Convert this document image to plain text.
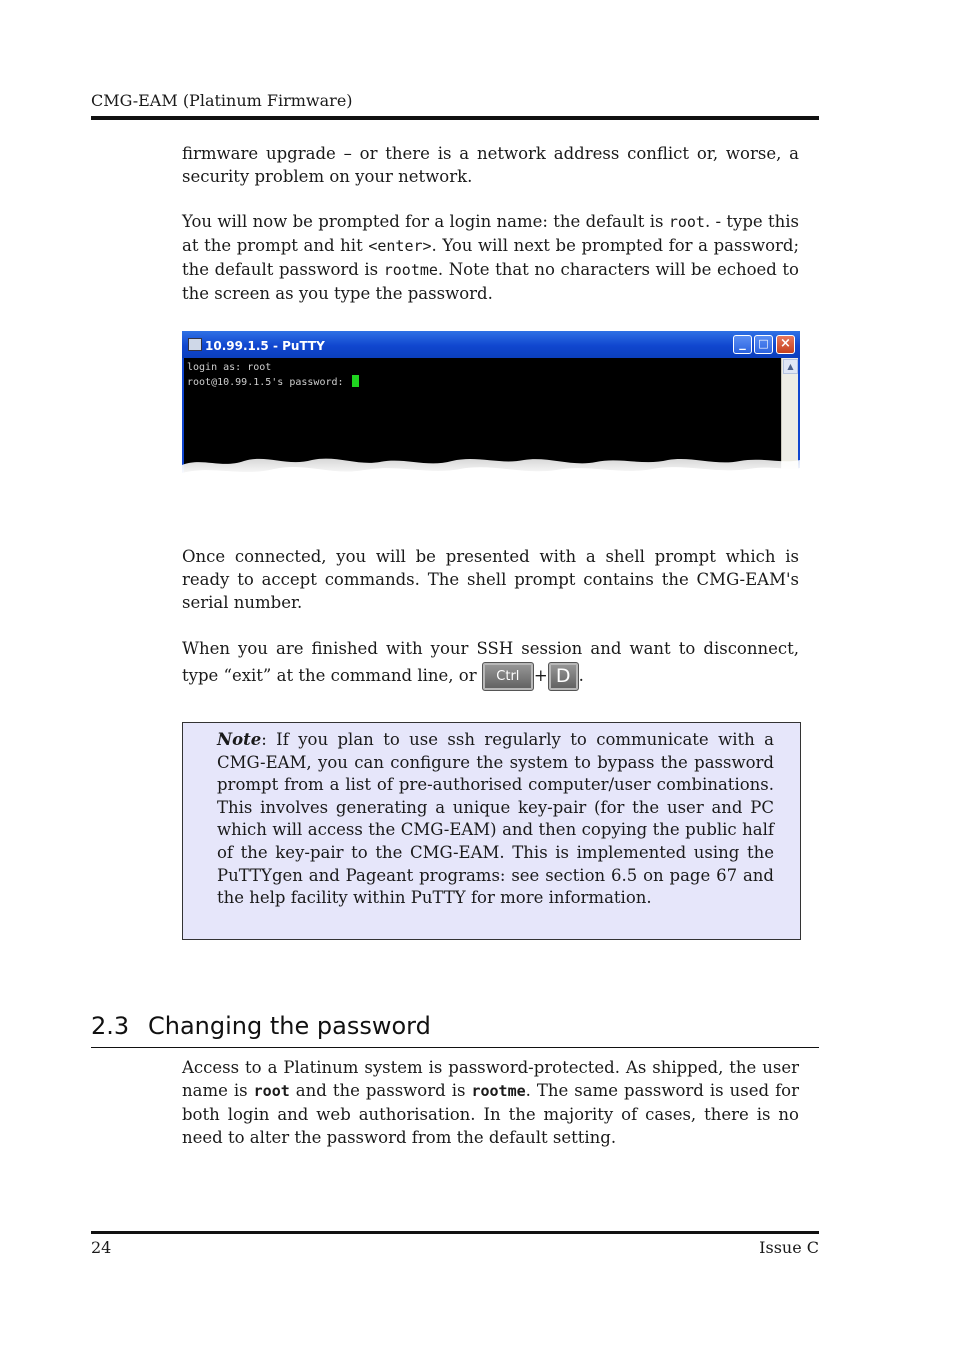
CMG-EAM (Platinum Firmware)

firmware upgrade – or there is a network address conflict or, worse, a security problem on your network.

You will now be prompted for a login name: the default is root. - type this at the prompt and hit <enter>. You will next be prompted for a password; the default password is rootme. Note that no characters will be echoed to the screen as you type the password.

10.99.1.5 - PuTTY	_	□ ×
login as: root
root@10.99.1.5's password:
▲

Once connected, you will be presented with a shell prompt which is ready to accept commands. The shell prompt contains the CMG-EAM's serial number.

When you are finished with your SSH session and want to disconnect, type “exit” at the command line, or Ctrl + D .

Note: If you plan to use ssh regularly to communicate with a CMG-EAM, you can configure the system to bypass the password prompt from a list of pre-authorised computer/user combinations. This involves generating a unique key-pair (for the user and PC which will access the CMG-EAM) and then copying the public half of the key-pair to the CMG-EAM. This is implemented using the PuTTYgen and Pageant programs: see section 6.5 on page 67 and the help facility within PuTTY for more information.

2.3 Changing the password

Access to a Platinum system is password-protected. As shipped, the user name is root and the password is rootme. The same password is used for both login and web authorisation. In the majority of cases, there is no need to alter the password from the default setting.

24	Issue C
